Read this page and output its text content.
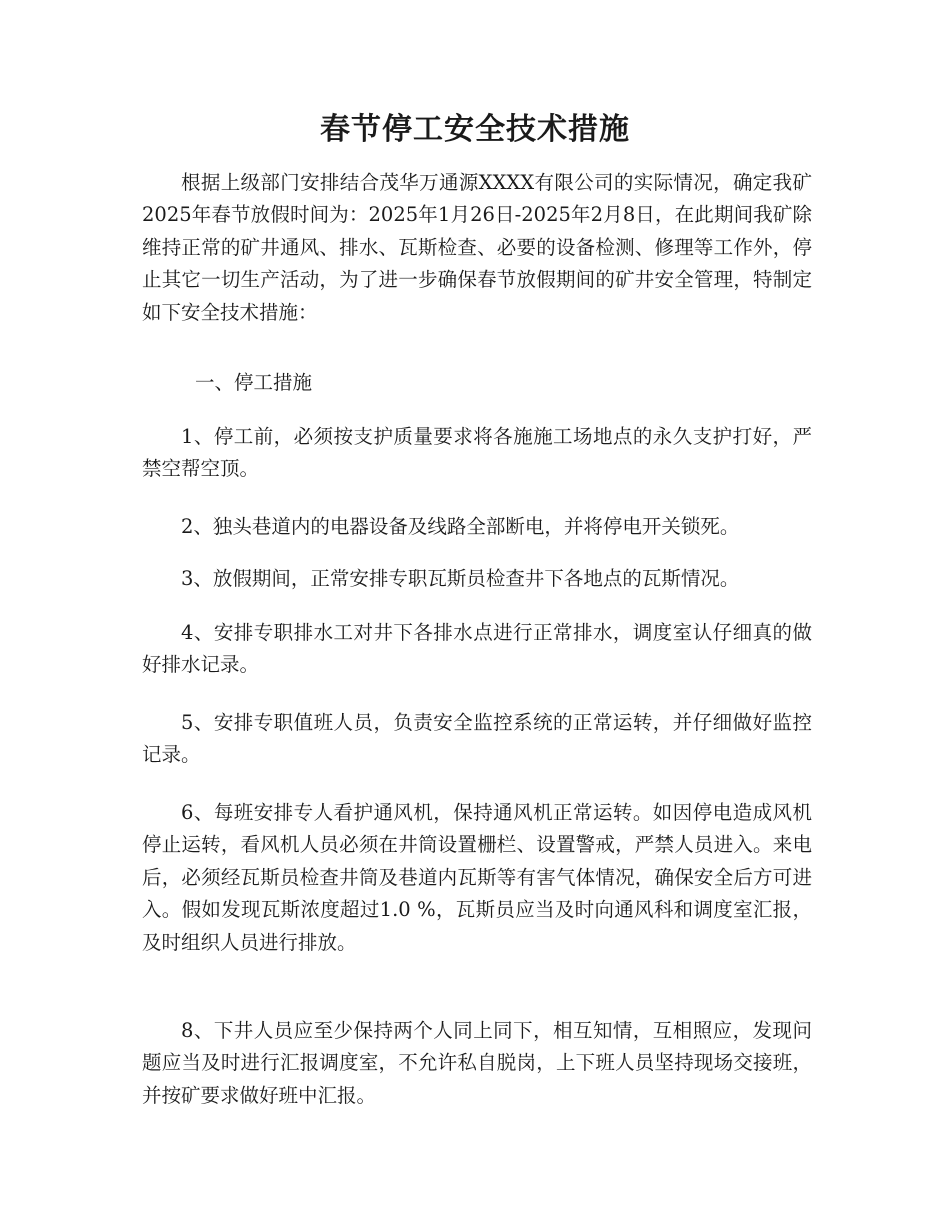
春节停工安全技术措施

根据上级部门安排结合茂华万通源XXXX有限公司的实际情况，确定我矿2025年春节放假时间为：2025年1月26日-2025年2月8日，在此期间我矿除维持正常的矿井通风、排水、瓦斯检查、必要的设备检测、修理等工作外，停止其它一切生产活动，为了进一步确保春节放假期间的矿井安全管理，特制定如下安全技术措施：

一、停工措施

1、停工前，必须按支护质量要求将各施施工场地点的永久支护打好，严禁空帮空顶。

2、独头巷道内的电器设备及线路全部断电，并将停电开关锁死。

3、放假期间，正常安排专职瓦斯员检查井下各地点的瓦斯情况。

4、安排专职排水工对井下各排水点进行正常排水，调度室认仔细真的做好排水记录。

5、安排专职值班人员，负责安全监控系统的正常运转，并仔细做好监控记录。

6、每班安排专人看护通风机，保持通风机正常运转。如因停电造成风机停止运转，看风机人员必须在井筒设置栅栏、设置警戒，严禁人员进入。来电后，必须经瓦斯员检查井筒及巷道内瓦斯等有害气体情况，确保安全后方可进入。假如发现瓦斯浓度超过1.0 %，瓦斯员应当及时向通风科和调度室汇报，及时组织人员进行排放。

8、下井人员应至少保持两个人同上同下，相互知情，互相照应，发现问题应当及时进行汇报调度室，不允许私自脱岗，上下班人员坚持现场交接班，并按矿要求做好班中汇报。
